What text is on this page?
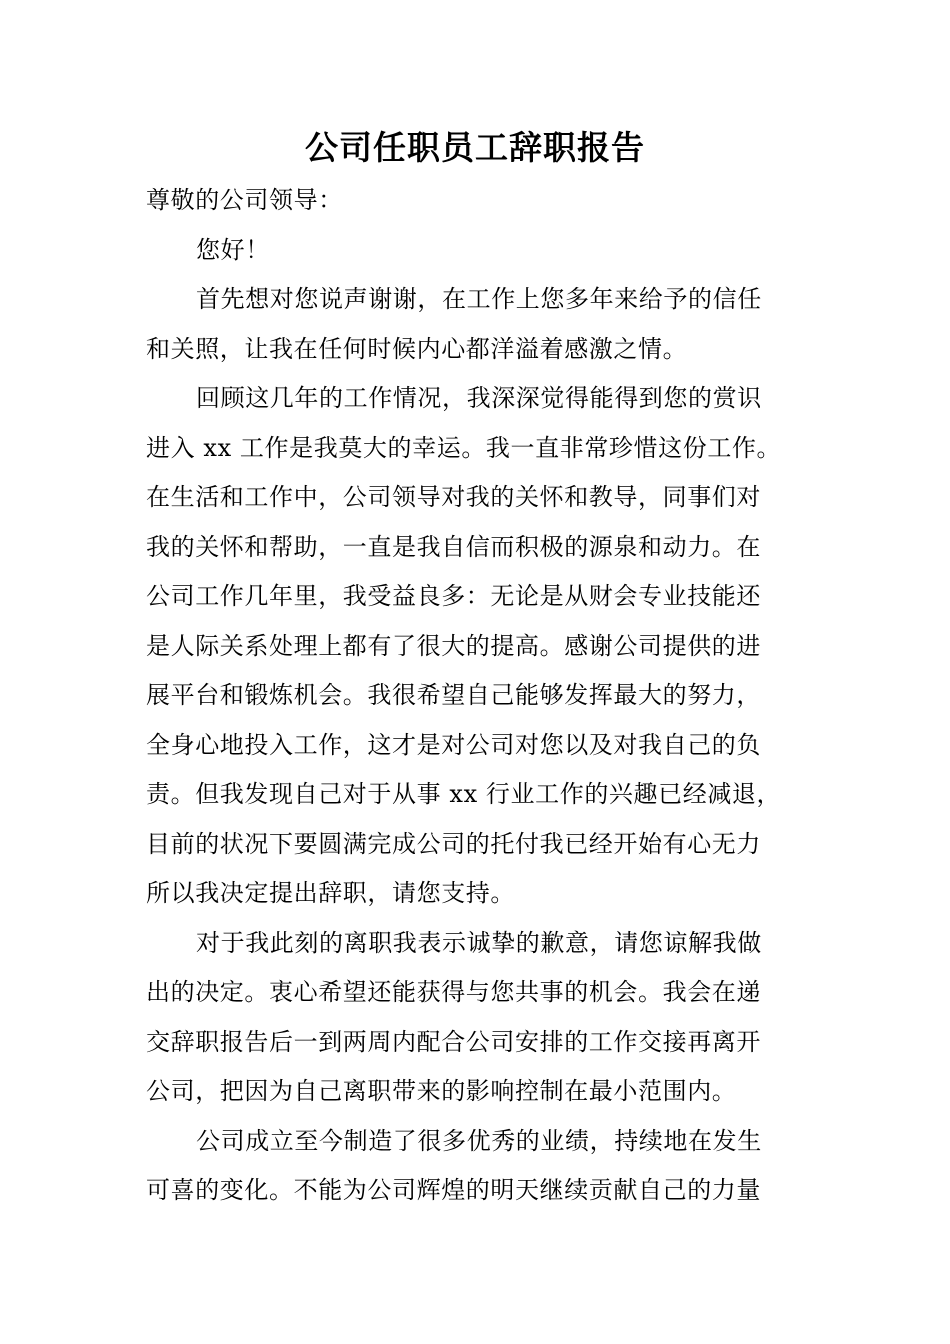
公司任职员工辞职报告
尊敬的公司领导：
您好！
首先想对您说声谢谢，在工作上您多年来给予的信任
和关照，让我在任何时候内心都洋溢着感激之情。
回顾这几年的工作情况，我深深觉得能得到您的赏识
进入 xx 工作是我莫大的幸运。我一直非常珍惜这份工作。
在生活和工作中，公司领导对我的关怀和教导，同事们对
我的关怀和帮助，一直是我自信而积极的源泉和动力。在
公司工作几年里，我受益良多：无论是从财会专业技能还
是人际关系处理上都有了很大的提高。感谢公司提供的进
展平台和锻炼机会。我很希望自己能够发挥最大的努力，
全身心地投入工作，这才是对公司对您以及对我自己的负
责。但我发现自己对于从事 xx 行业工作的兴趣已经减退，
目前的状况下要圆满完成公司的托付我已经开始有心无力
所以我决定提出辞职，请您支持。
对于我此刻的离职我表示诚挚的歉意，请您谅解我做
出的决定。衷心希望还能获得与您共事的机会。我会在递
交辞职报告后一到两周内配合公司安排的工作交接再离开
公司，把因为自己离职带来的影响控制在最小范围内。
公司成立至今制造了很多优秀的业绩，持续地在发生
可喜的变化。不能为公司辉煌的明天继续贡献自己的力量
